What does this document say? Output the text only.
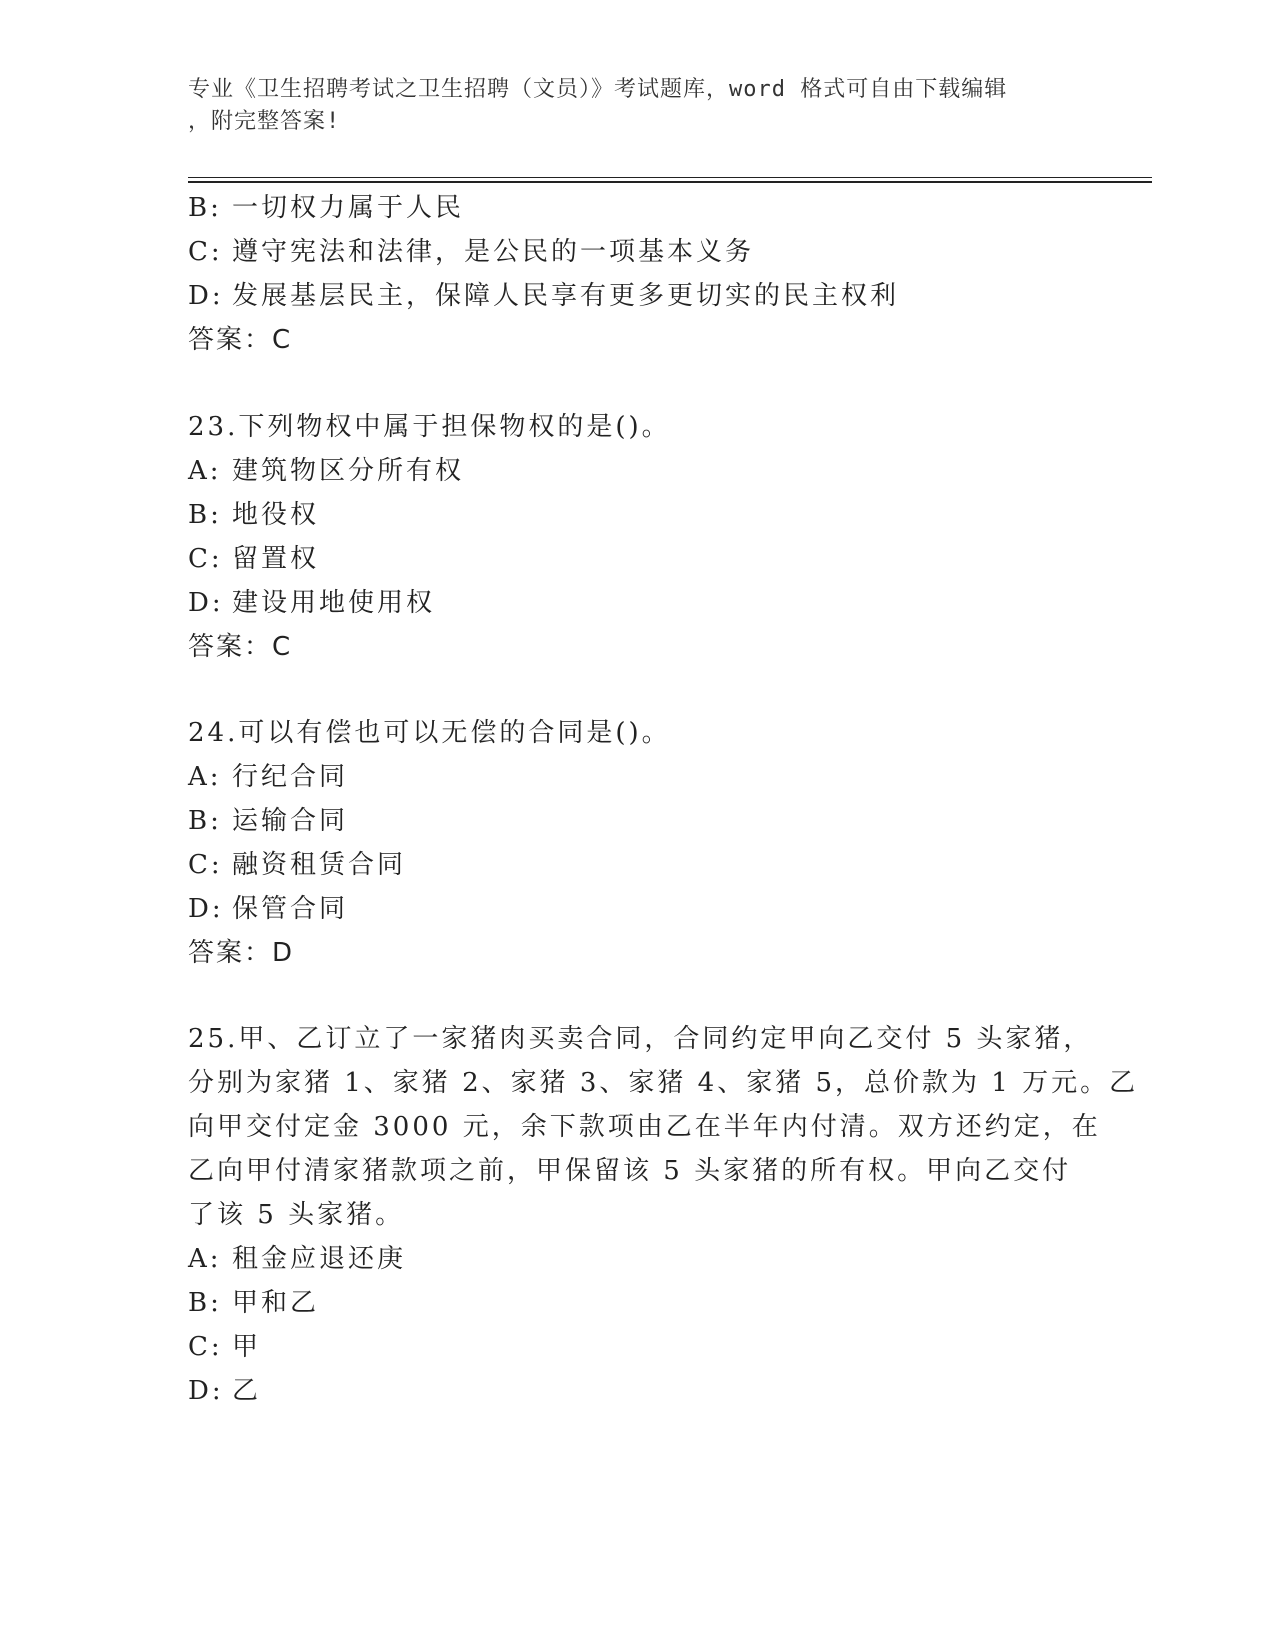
专业《卫生招聘考试之卫生招聘（文员）》考试题库，word 格式可自由下载编辑
，附完整答案!
B: 一切权力属于人民
C: 遵守宪法和法律，是公民的一项基本义务
D: 发展基层民主，保障人民享有更多更切实的民主权利
答案：C
23.下列物权中属于担保物权的是()。
A: 建筑物区分所有权
B: 地役权
C: 留置权
D: 建设用地使用权
答案：C
24.可以有偿也可以无偿的合同是()。
A: 行纪合同
B: 运输合同
C: 融资租赁合同
D: 保管合同
答案：D
25.甲、乙订立了一家猪肉买卖合同，合同约定甲向乙交付 5 头家猪，
分别为家猪 1、家猪 2、家猪 3、家猪 4、家猪 5，总价款为 1 万元。乙
向甲交付定金 3000 元，余下款项由乙在半年内付清。双方还约定，在
乙向甲付清家猪款项之前，甲保留该 5 头家猪的所有权。甲向乙交付
了该 5 头家猪。
A: 租金应退还庚
B: 甲和乙
C: 甲
D: 乙
